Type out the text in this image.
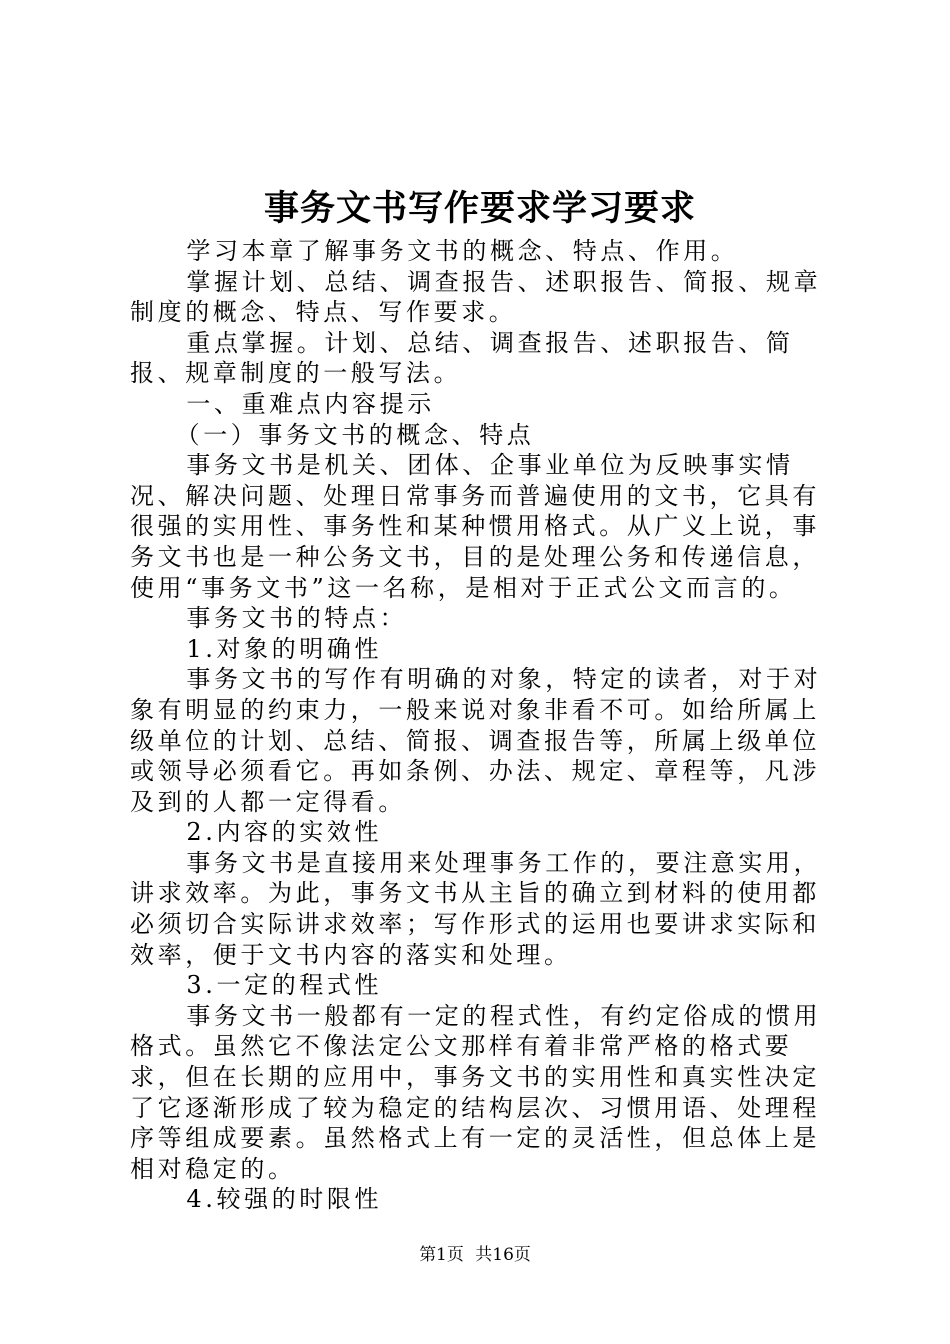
事务文书写作要求学习要求

学习本章了解事务文书的概念、特点、作用。

掌握计划、总结、调查报告、述职报告、简报、规章制度的概念、特点、写作要求。

重点掌握。计划、总结、调查报告、述职报告、简报、规章制度的一般写法。

一、重难点内容提示

（一）事务文书的概念、特点

事务文书是机关、团体、企事业单位为反映事实情况、解决问题、处理日常事务而普遍使用的文书，它具有很强的实用性、事务性和某种惯用格式。从广义上说，事务文书也是一种公务文书，目的是处理公务和传递信息，使用“事务文书”这一名称，是相对于正式公文而言的。

事务文书的特点：

1.对象的明确性

事务文书的写作有明确的对象，特定的读者，对于对象有明显的约束力，一般来说对象非看不可。如给所属上级单位的计划、总结、简报、调查报告等，所属上级单位或领导必须看它。再如条例、办法、规定、章程等，凡涉及到的人都一定得看。

2.内容的实效性

事务文书是直接用来处理事务工作的，要注意实用，讲求效率。为此，事务文书从主旨的确立到材料的使用都必须切合实际讲求效率；写作形式的运用也要讲求实际和效率，便于文书内容的落实和处理。

3.一定的程式性

事务文书一般都有一定的程式性，有约定俗成的惯用格式。虽然它不像法定公文那样有着非常严格的格式要求，但在长期的应用中，事务文书的实用性和真实性决定了它逐渐形成了较为稳定的结构层次、习惯用语、处理程序等组成要素。虽然格式上有一定的灵活性，但总体上是相对稳定的。

4.较强的时限性

第1页 共16页
